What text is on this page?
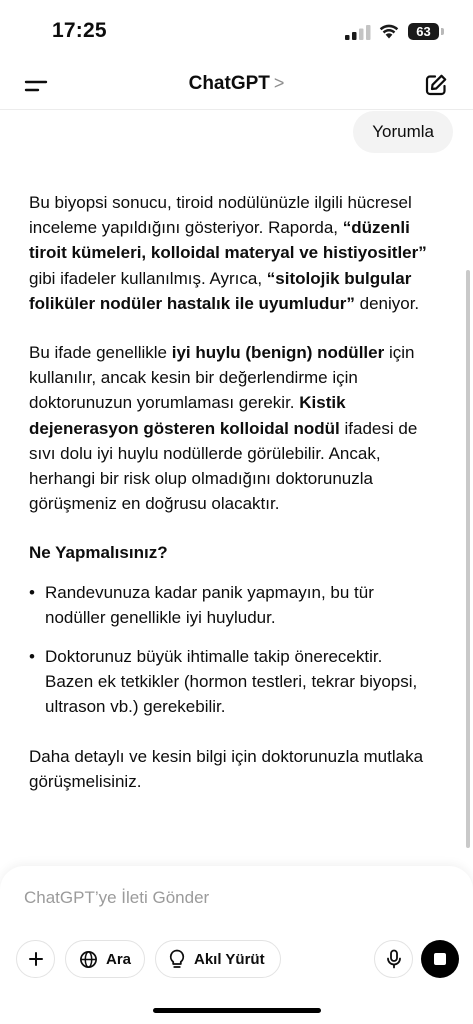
17:25	63
ChatGPT >
Yorumla

Bu biyopsi sonucu, tiroid nodülünüzle ilgili hücresel inceleme yapıldığını gösteriyor. Raporda, “düzenli tiroit kümeleri, kolloidal materyal ve histiyositler” gibi ifadeler kullanılmış. Ayrıca, “sitolojik bulgular foliküler nodüler hastalık ile uyumludur” deniyor.

Bu ifade genellikle iyi huylu (benign) nodüller için kullanılır, ancak kesin bir değerlendirme için doktorunuzun yorumlaması gerekir. Kistik dejenerasyon gösteren kolloidal nodül ifadesi de sıvı dolu iyi huylu nodüllerde görülebilir. Ancak, herhangi bir risk olup olmadığını doktorunuzla görüşmeniz en doğrusu olacaktır.

Ne Yapmalısınız?
• Randevunuza kadar panik yapmayın, bu tür nodüller genellikle iyi huyludur.
• Doktorunuz büyük ihtimalle takip önerecektir. Bazen ek tetkikler (hormon testleri, tekrar biyopsi, ultrason vb.) gerekebilir.

Daha detaylı ve kesin bilgi için doktorunuzla mutlaka görüşmelisiniz.

ChatGPT’ye İleti Gönder
Ara	Akıl Yürüt
